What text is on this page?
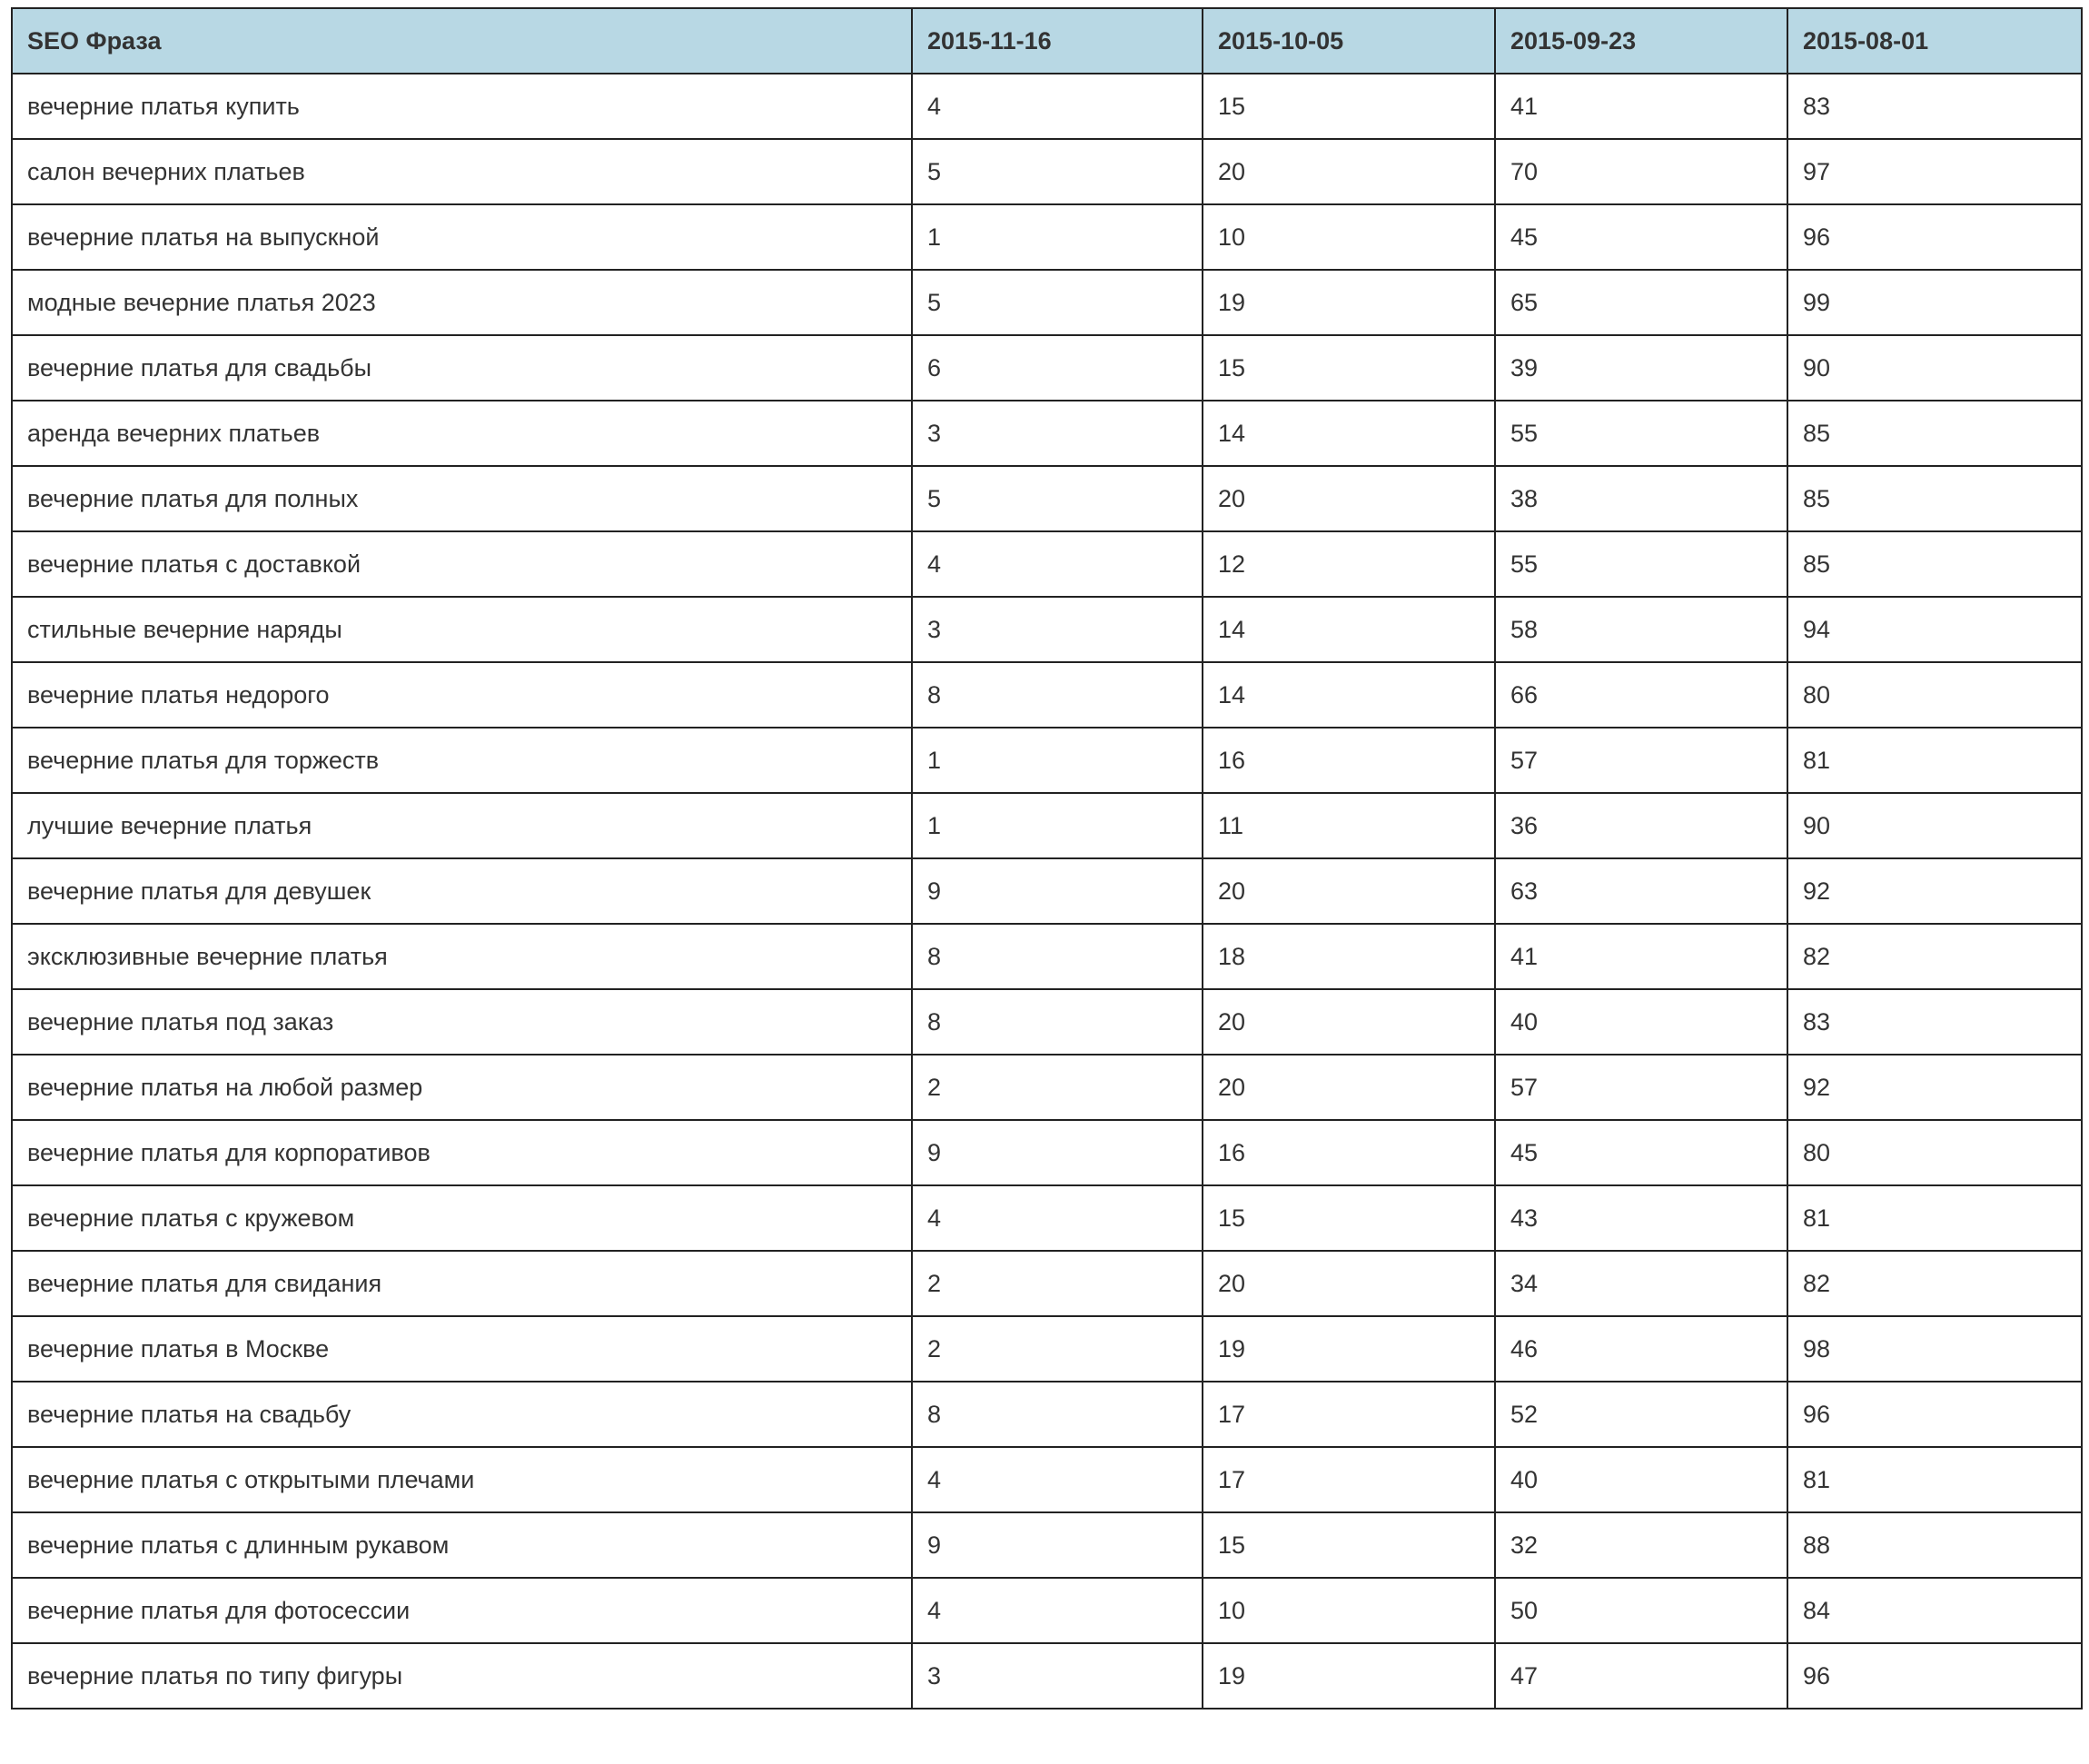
SEO Фраза	2015-11-16	2015-10-05	2015-09-23	2015-08-01
вечерние платья купить	4	15	41	83
салон вечерних платьев	5	20	70	97
вечерние платья на выпускной	1	10	45	96
модные вечерние платья 2023	5	19	65	99
вечерние платья для свадьбы	6	15	39	90
аренда вечерних платьев	3	14	55	85
вечерние платья для полных	5	20	38	85
вечерние платья с доставкой	4	12	55	85
стильные вечерние наряды	3	14	58	94
вечерние платья недорого	8	14	66	80
вечерние платья для торжеств	1	16	57	81
лучшие вечерние платья	1	11	36	90
вечерние платья для девушек	9	20	63	92
эксклюзивные вечерние платья	8	18	41	82
вечерние платья под заказ	8	20	40	83
вечерние платья на любой размер	2	20	57	92
вечерние платья для корпоративов	9	16	45	80
вечерние платья с кружевом	4	15	43	81
вечерние платья для свидания	2	20	34	82
вечерние платья в Москве	2	19	46	98
вечерние платья на свадьбу	8	17	52	96
вечерние платья с открытыми плечами	4	17	40	81
вечерние платья с длинным рукавом	9	15	32	88
вечерние платья для фотосессии	4	10	50	84
вечерние платья по типу фигуры	3	19	47	96
